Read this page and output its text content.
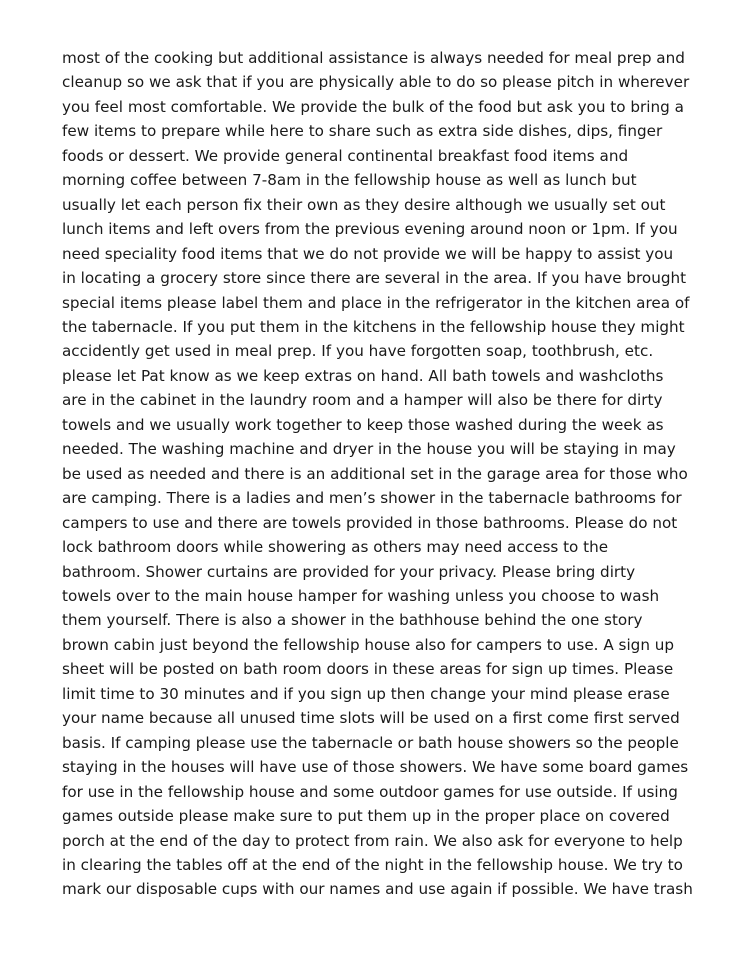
most of the cooking but additional assistance is always needed for meal prep and
cleanup so we ask that if you are physically able to do so please pitch in wherever
you feel most comfortable. We provide the bulk of the food but ask you to bring a
few items to prepare while here to share such as extra side dishes, dips, finger
foods or dessert. We provide general continental breakfast food items and
morning coffee between 7-8am in the fellowship house as well as lunch but
usually let each person fix their own as they desire although we usually set out
lunch items and left overs from the previous evening around noon or 1pm. If you
need speciality food items that we do not provide we will be happy to assist you
in locating a grocery store since there are several in the area. If you have brought
special items please label them and place in the refrigerator in the kitchen area of
the tabernacle. If you put them in the kitchens in the fellowship house they might
accidently get used in meal prep. If you have forgotten soap, toothbrush, etc.
please let Pat know as we keep extras on hand. All bath towels and washcloths
are in the cabinet in the laundry room and a hamper will also be there for dirty
towels and we usually work together to keep those washed during the week as
needed. The washing machine and dryer in the house you will be staying in may
be used as needed and there is an additional set in the garage area for those who
are camping. There is a ladies and men’s shower in the tabernacle bathrooms for
campers to use and there are towels provided in those bathrooms. Please do not
lock bathroom doors while showering as others may need access to the
bathroom. Shower curtains are provided for your privacy. Please bring dirty
towels over to the main house hamper for washing unless you choose to wash
them yourself. There is also a shower in the bathhouse behind the one story
brown cabin just beyond the fellowship house also for campers to use. A sign up
sheet will be posted on bath room doors in these areas for sign up times. Please
limit time to 30 minutes and if you sign up then change your mind please erase
your name because all unused time slots will be used on a first come first served
basis. If camping please use the tabernacle or bath house showers so the people
staying in the houses will have use of those showers. We have some board games
for use in the fellowship house and some outdoor games for use outside. If using
games outside please make sure to put them up in the proper place on covered
porch at the end of the day to protect from rain. We also ask for everyone to help
in clearing the tables off at the end of the night in the fellowship house. We try to
mark our disposable cups with our names and use again if possible. We have trash
